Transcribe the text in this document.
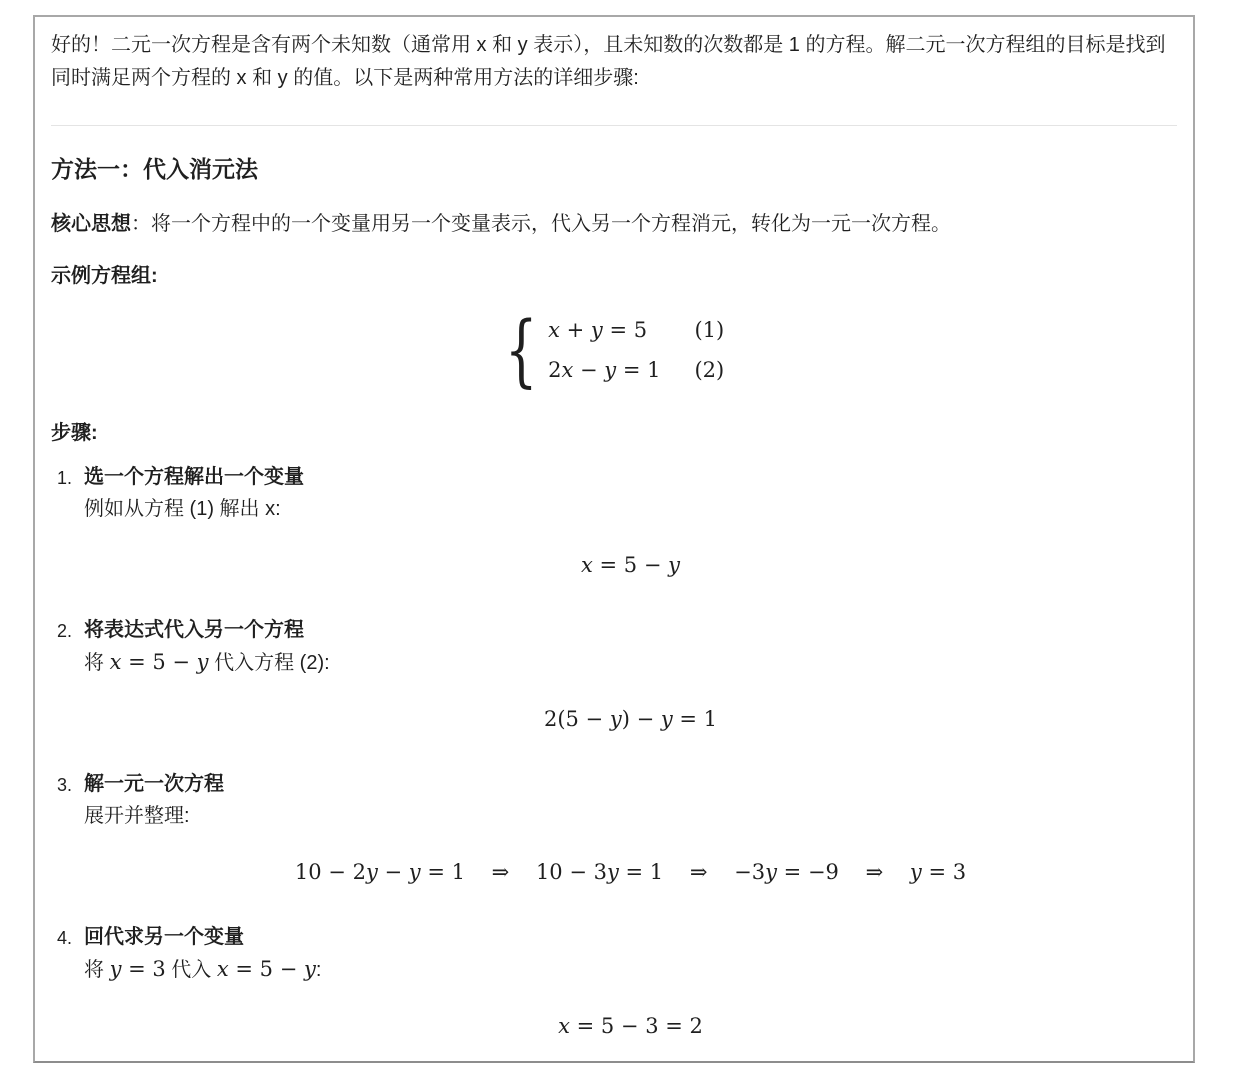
好的！二元一次方程是含有两个未知数（通常用 x 和 y 表示），且未知数的次数都是 1 的方程。解二元一次方程组的目标是找到同时满足两个方程的 x 和 y 的值。以下是两种常用方法的详细步骤:

方法一：代入消元法

核心思想：将一个方程中的一个变量用另一个变量表示，代入另一个方程消元，转化为一元一次方程。

示例方程组:

{ x + y = 5	(1)
2x − y = 1 (2)

步骤:

1. 选一个方程解出一个变量
例如从方程 (1) 解出 x:
x = 5 − y
2. 将表达式代入另一个方程
将 x = 5 − y 代入方程 (2):
2(5 − y) − y = 1
3. 解一元一次方程
展开并整理:
10 − 2y − y = 1    ⇒    10 − 3y = 1    ⇒    −3y = −9    ⇒    y = 3
4. 回代求另一个变量
将 y = 3 代入 x = 5 − y:
x = 5 − 3 = 2
